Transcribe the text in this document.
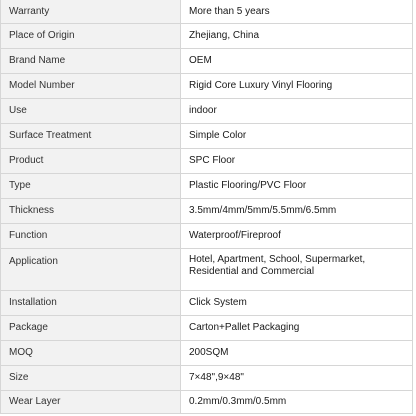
Warranty	More than 5 years
Place of Origin	Zhejiang, China
Brand Name	OEM
Model Number	Rigid Core Luxury Vinyl Flooring
Use	indoor
Surface Treatment	Simple Color
Product	SPC Floor
Type	Plastic Flooring/PVC Floor
Thickness	3.5mm/4mm/5mm/5.5mm/6.5mm
Function	Waterproof/Fireproof
Application	Hotel, Apartment, School, Supermarket, Residential and Commercial
Installation	Click System
Package	Carton+Pallet Packaging
MOQ	200SQM
Size	7×48",9×48"
Wear Layer	0.2mm/0.3mm/0.5mm
